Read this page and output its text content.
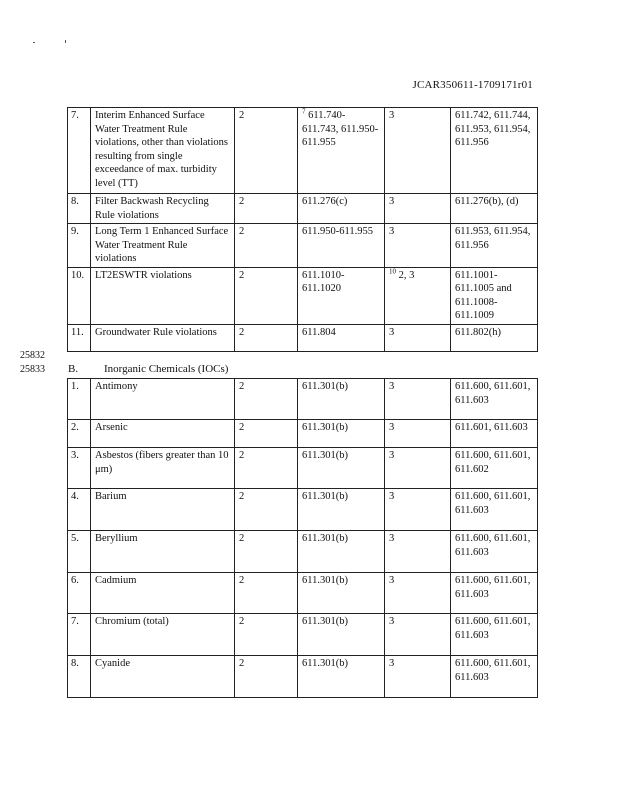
JCAR350611-1709171r01
7.	Interim Enhanced Surface Water Treatment Rule violations, other than violations resulting from single exceedance of max. turbidity level (TT)	2	$^7$ 611.740-611.743, 611.950-611.955	3	611.742, 611.744, 611.953, 611.954, 611.956
8.	Filter Backwash Recycling Rule violations	2	611.276(c)	3	611.276(b), (d)
9.	Long Term 1 Enhanced Surface Water Treatment Rule violations	2	611.950-611.955	3	611.953, 611.954, 611.956
10.	LT2ESWTR violations	2	611.1010-611.1020	$^{10}$ 2, 3	611.1001-611.1005 and 611.1008-611.1009
11.	Groundwater Rule violations	2	611.804	3	611.802(h)
25832
25833 B. Inorganic Chemicals (IOCs)
1.	Antimony	2	611.301(b)	3	611.600, 611.601, 611.603
2.	Arsenic	2	611.301(b)	3	611.601, 611.603
3.	Asbestos (fibers greater than 10 μm)	2	611.301(b)	3	611.600, 611.601, 611.602
4.	Barium	2	611.301(b)	3	611.600, 611.601, 611.603
5.	Beryllium	2	611.301(b)	3	611.600, 611.601, 611.603
6.	Cadmium	2	611.301(b)	3	611.600, 611.601, 611.603
7.	Chromium (total)	2	611.301(b)	3	611.600, 611.601, 611.603
8.	Cyanide	2	611.301(b)	3	611.600, 611.601, 611.603
